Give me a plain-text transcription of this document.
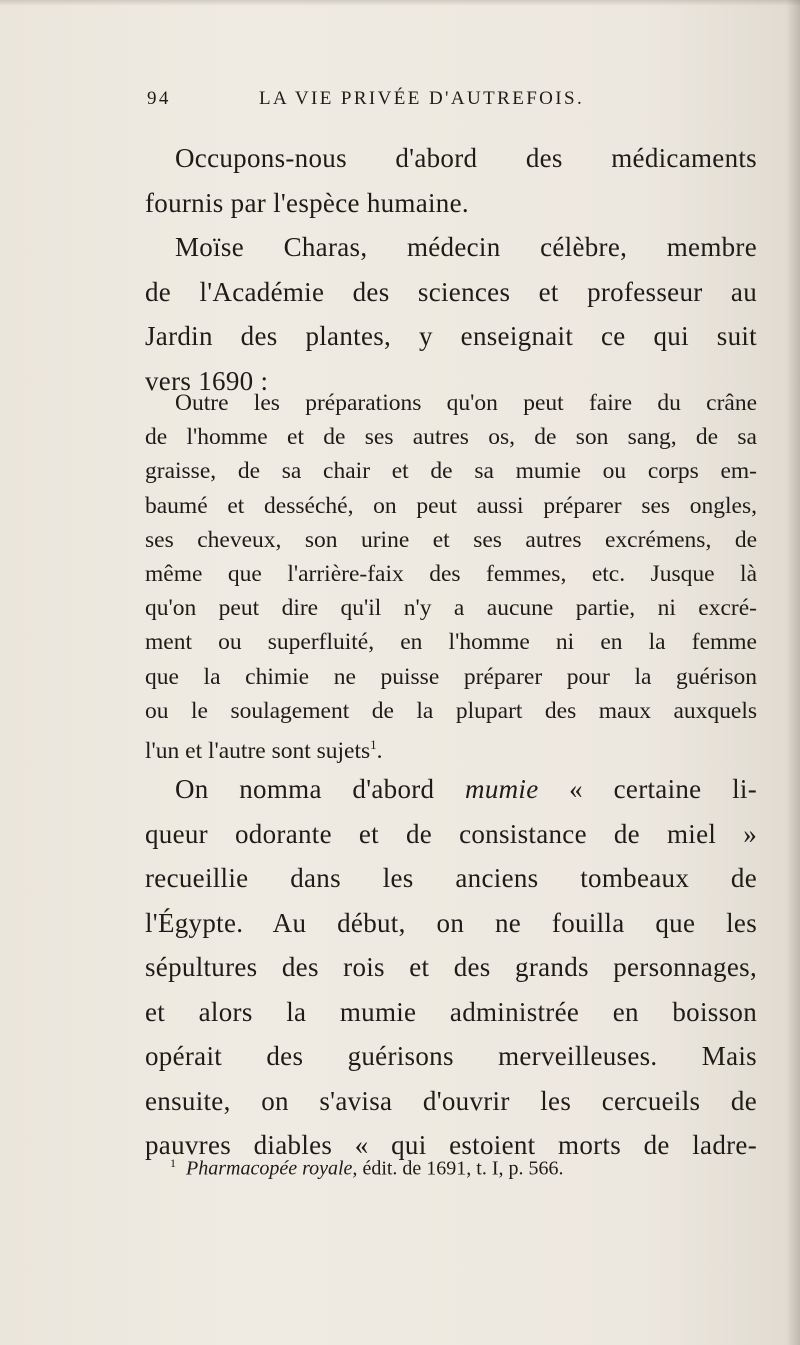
94	LA VIE PRIVÉE D'AUTREFOIS.
Occupons-nous d'abord des médicaments
fournis par l'espèce humaine.
Moïse Charas, médecin célèbre, membre
de l'Académie des sciences et professeur au
Jardin des plantes, y enseignait ce qui suit
vers 1690 :
Outre les préparations qu'on peut faire du crâne
de l'homme et de ses autres os, de son sang, de sa
graisse, de sa chair et de sa mumie ou corps em-
baumé et desséché, on peut aussi préparer ses ongles,
ses cheveux, son urine et ses autres excrémens, de
même que l'arrière-faix des femmes, etc. Jusque là
qu'on peut dire qu'il n'y a aucune partie, ni excré-
ment ou superfluité, en l'homme ni en la femme
que la chimie ne puisse préparer pour la guérison
ou le soulagement de la plupart des maux auxquels
l'un et l'autre sont sujets$^1$.
On nomma d'abord mumie « certaine li-
queur odorante et de consistance de miel »
recueillie dans les anciens tombeaux de
l'Égypte. Au début, on ne fouilla que les
sépultures des rois et des grands personnages,
et alors la mumie administrée en boisson
opérait des guérisons merveilleuses. Mais
ensuite, on s'avisa d'ouvrir les cercueils de
pauvres diables « qui estoient morts de ladre-
$^1$ Pharmacopée royale, édit. de 1691, t. I, p. 566.
